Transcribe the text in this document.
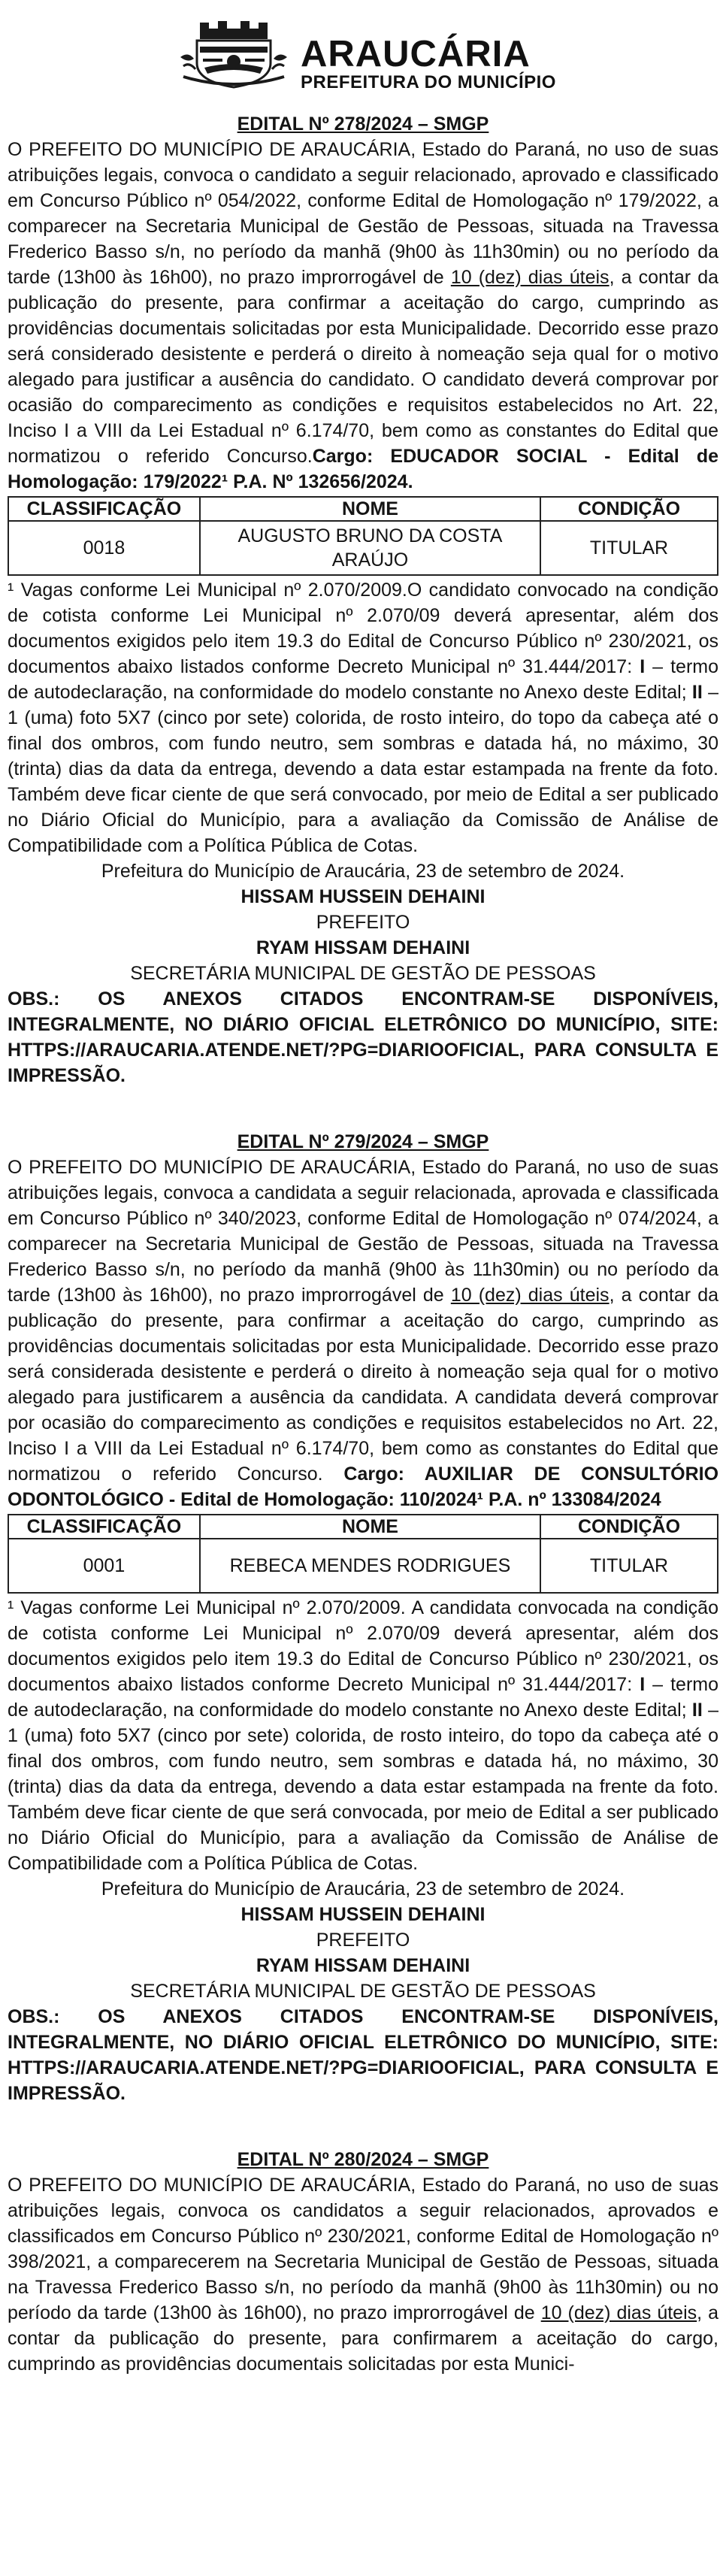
ARAUCÁRIA
PREFEITURA DO MUNICÍPIO
EDITAL Nº 278/2024 – SMGP

O PREFEITO DO MUNICÍPIO DE ARAUCÁRIA, Estado do Paraná, no uso de suas atribuições legais, convoca o candidato a seguir relacionado, aprovado e classificado em Concurso Público nº 054/2022, conforme Edital de Homologação nº 179/2022, a comparecer na Secretaria Municipal de Gestão de Pessoas, situada na Travessa Frederico Basso s/n, no período da manhã (9h00 às 11h30min) ou no período da tarde (13h00 às 16h00), no prazo improrrogável de 10 (dez) dias úteis, a contar da publicação do presente, para confirmar a aceitação do cargo, cumprindo as providências documentais solicitadas por esta Municipalidade. Decorrido esse prazo será considerado desistente e perderá o direito à nomeação seja qual for o motivo alegado para justificar a ausência do candidato. O candidato deverá comprovar por ocasião do comparecimento as condições e requisitos estabelecidos no Art. 22, Inciso I a VIII da Lei Estadual nº 6.174/70, bem como as constantes do Edital que normatizou o referido Concurso.Cargo: EDUCADOR SOCIAL - Edital de Homologação: 179/2022¹ P.A. Nº 132656/2024.

CLASSIFICAÇÃO	NOME	CONDIÇÃO
0018	AUGUSTO BRUNO DA COSTA ARAÚJO	TITULAR

¹ Vagas conforme Lei Municipal nº 2.070/2009.O candidato convocado na condição de cotista conforme Lei Municipal nº 2.070/09 deverá apresentar, além dos documentos exigidos pelo item 19.3 do Edital de Concurso Público nº 230/2021, os documentos abaixo listados conforme Decreto Municipal nº 31.444/2017: I – termo de autodeclaração, na conformidade do modelo constante no Anexo deste Edital; II – 1 (uma) foto 5X7 (cinco por sete) colorida, de rosto inteiro, do topo da cabeça até o final dos ombros, com fundo neutro, sem sombras e datada há, no máximo, 30 (trinta) dias da data da entrega, devendo a data estar estampada na frente da foto. Também deve ficar ciente de que será convocado, por meio de Edital a ser publicado no Diário Oficial do Município, para a avaliação da Comissão de Análise de Compatibilidade com a Política Pública de Cotas.

Prefeitura do Município de Araucária, 23 de setembro de 2024.

HISSAM HUSSEIN DEHAINI

PREFEITO

RYAM HISSAM DEHAINI

SECRETÁRIA MUNICIPAL DE GESTÃO DE PESSOAS

OBS.: OS ANEXOS CITADOS ENCONTRAM-SE DISPONÍVEIS, INTEGRALMENTE, NO DIÁRIO OFICIAL ELETRÔNICO DO MUNICÍPIO, SITE: HTTPS://ARAUCARIA.ATENDE.NET/?PG=DIARIOOFICIAL, PARA CONSULTA E IMPRESSÃO.

EDITAL Nº 279/2024 – SMGP

O PREFEITO DO MUNICÍPIO DE ARAUCÁRIA, Estado do Paraná, no uso de suas atribuições legais, convoca a candidata a seguir relacionada, aprovada e classificada em Concurso Público nº 340/2023, conforme Edital de Homologação nº 074/2024, a comparecer na Secretaria Municipal de Gestão de Pessoas, situada na Travessa Frederico Basso s/n, no período da manhã (9h00 às 11h30min) ou no período da tarde (13h00 às 16h00), no prazo improrrogável de 10 (dez) dias úteis, a contar da publicação do presente, para confirmar a aceitação do cargo, cumprindo as providências documentais solicitadas por esta Municipalidade. Decorrido esse prazo será considerada desistente e perderá o direito à nomeação seja qual for o motivo alegado para justificarem a ausência da candidata. A candidata deverá comprovar por ocasião do comparecimento as condições e requisitos estabelecidos no Art. 22, Inciso I a VIII da Lei Estadual nº 6.174/70, bem como as constantes do Edital que normatizou o referido Concurso. Cargo: AUXILIAR DE CONSULTÓRIO ODONTOLÓGICO - Edital de Homologação: 110/2024¹ P.A. nº 133084/2024

CLASSIFICAÇÃO	NOME	CONDIÇÃO
0001	REBECA MENDES RODRIGUES	TITULAR

¹ Vagas conforme Lei Municipal nº 2.070/2009. A candidata convocada na condição de cotista conforme Lei Municipal nº 2.070/09 deverá apresentar, além dos documentos exigidos pelo item 19.3 do Edital de Concurso Público nº 230/2021, os documentos abaixo listados conforme Decreto Municipal nº 31.444/2017: I – termo de autodeclaração, na conformidade do modelo constante no Anexo deste Edital; II – 1 (uma) foto 5X7 (cinco por sete) colorida, de rosto inteiro, do topo da cabeça até o final dos ombros, com fundo neutro, sem sombras e datada há, no máximo, 30 (trinta) dias da data da entrega, devendo a data estar estampada na frente da foto. Também deve ficar ciente de que será convocada, por meio de Edital a ser publicado no Diário Oficial do Município, para a avaliação da Comissão de Análise de Compatibilidade com a Política Pública de Cotas.

Prefeitura do Município de Araucária, 23 de setembro de 2024.

HISSAM HUSSEIN DEHAINI

PREFEITO

RYAM HISSAM DEHAINI

SECRETÁRIA MUNICIPAL DE GESTÃO DE PESSOAS

OBS.: OS ANEXOS CITADOS ENCONTRAM-SE DISPONÍVEIS, INTEGRALMENTE, NO DIÁRIO OFICIAL ELETRÔNICO DO MUNICÍPIO, SITE: HTTPS://ARAUCARIA.ATENDE.NET/?PG=DIARIOOFICIAL, PARA CONSULTA E IMPRESSÃO.

EDITAL Nº 280/2024 – SMGP

O PREFEITO DO MUNICÍPIO DE ARAUCÁRIA, Estado do Paraná, no uso de suas atribuições legais, convoca os candidatos a seguir relacionados, aprovados e classificados em Concurso Público nº 230/2021, conforme Edital de Homologação nº 398/2021, a comparecerem na Secretaria Municipal de Gestão de Pessoas, situada na Travessa Frederico Basso s/n, no período da manhã (9h00 às 11h30min) ou no período da tarde (13h00 às 16h00), no prazo improrrogável de 10 (dez) dias úteis, a contar da publicação do presente, para confirmarem a aceitação do cargo, cumprindo as providências documentais solicitadas por esta Munici-
